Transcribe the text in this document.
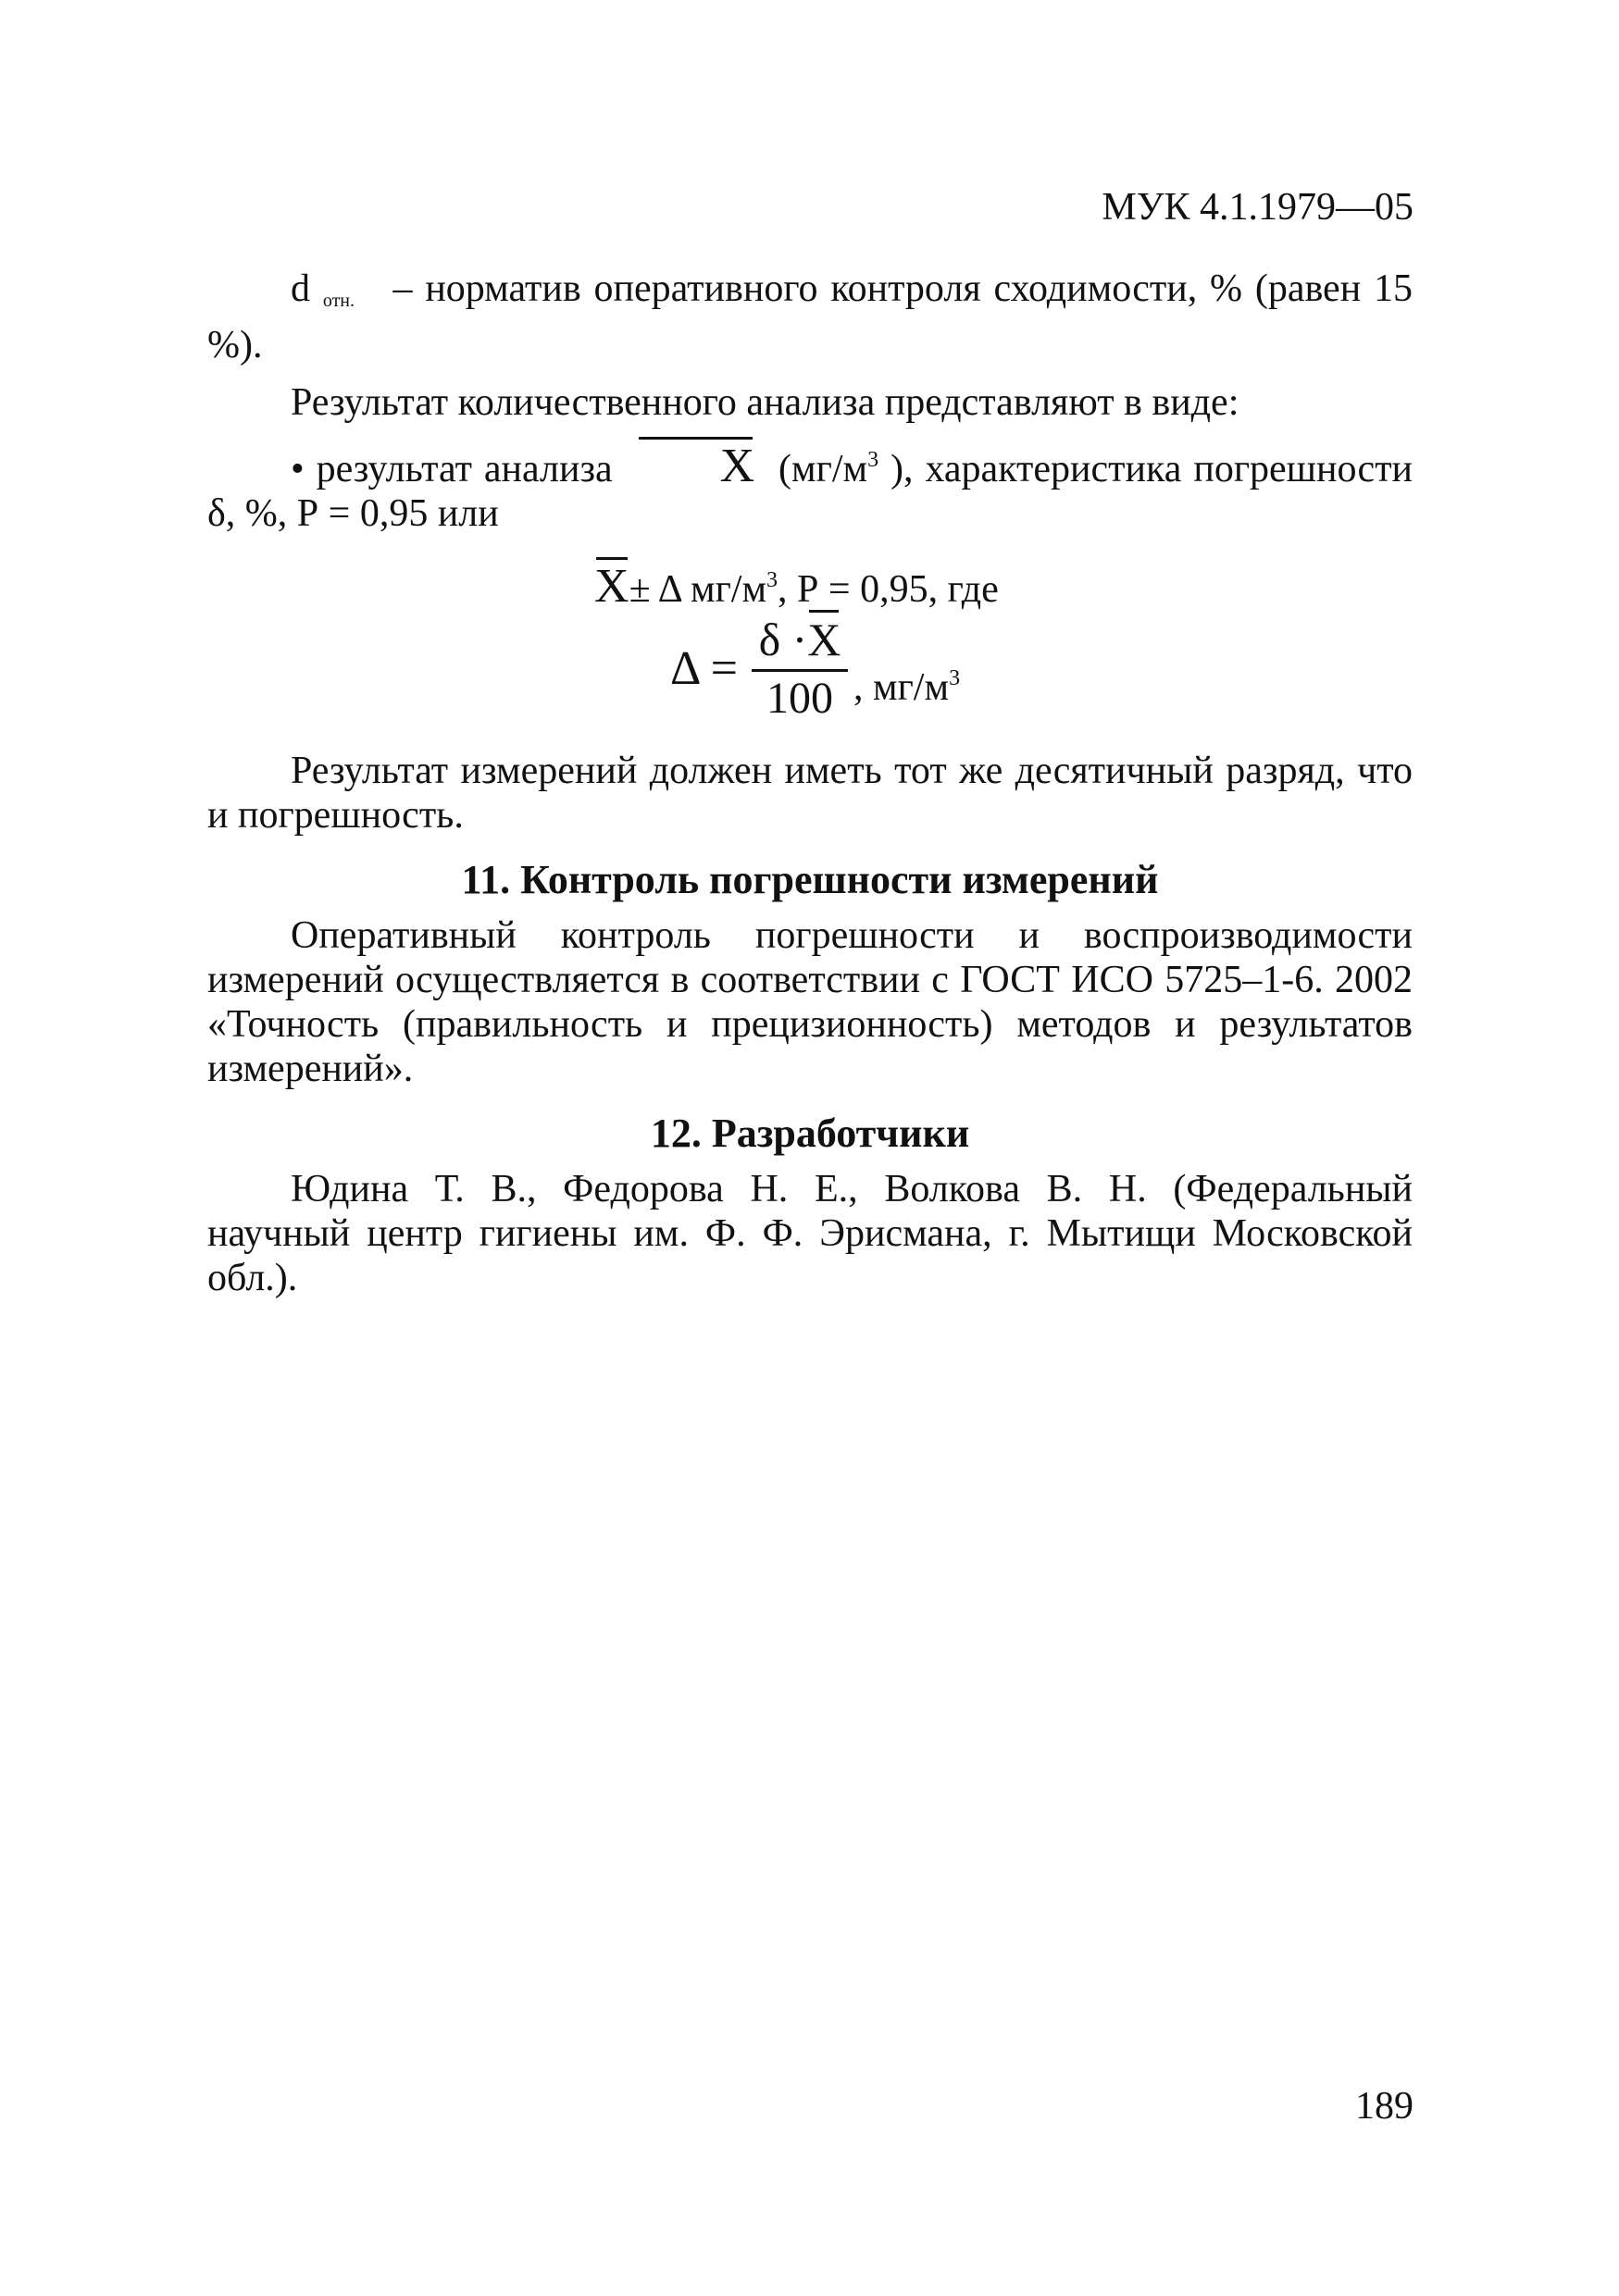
МУК 4.1.1979—05

d $_{отн.}$ – норматив оперативного контроля сходимости, % (равен 15 %).

Результат количественного анализа представляют в виде:

• результат анализа X ($мг/м^3$ ), характеристика погрешности δ, %, Р = 0,95 или

X± Δ $мг/м^3$, Р = 0,95, где
Δ =
δ ·X
100 , $мг/м^3$

Результат измерений должен иметь тот же десятичный разряд, что и погрешность.

11. Контроль погрешности измерений

Оперативный контроль погрешности и воспроизводимости измерений осуществляется в соответствии с ГОСТ ИСО 5725–1-6. 2002 «Точность (правильность и прецизионность) методов и результатов измерений».

12. Разработчики

Юдина Т. В., Федорова Н. Е., Волкова В. Н. (Федеральный научный центр гигиены им. Ф. Ф. Эрисмана, г. Мытищи Московской обл.).

189
